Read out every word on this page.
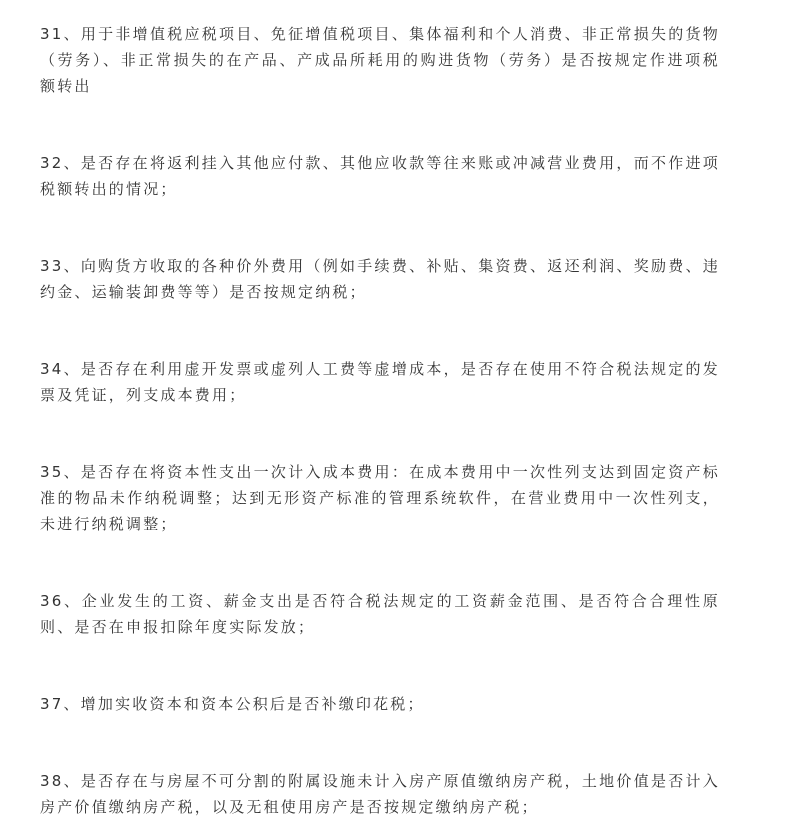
31、用于非增值税应税项目、免征增值税项目、集体福利和个人消费、非正常损失的货物（劳务）、非正常损失的在产品、产成品所耗用的购进货物（劳务）是否按规定作进项税额转出

32、是否存在将返利挂入其他应付款、其他应收款等往来账或冲减营业费用，而不作进项税额转出的情况；

33、向购货方收取的各种价外费用（例如手续费、补贴、集资费、返还利润、奖励费、违约金、运输装卸费等等）是否按规定纳税；

34、是否存在利用虚开发票或虚列人工费等虚增成本，是否存在使用不符合税法规定的发票及凭证，列支成本费用；

35、是否存在将资本性支出一次计入成本费用：在成本费用中一次性列支达到固定资产标准的物品未作纳税调整；达到无形资产标准的管理系统软件，在营业费用中一次性列支，未进行纳税调整；

36、企业发生的工资、薪金支出是否符合税法规定的工资薪金范围、是否符合合理性原则、是否在申报扣除年度实际发放；

37、增加实收资本和资本公积后是否补缴印花税；

38、是否存在与房屋不可分割的附属设施未计入房产原值缴纳房产税，土地价值是否计入房产价值缴纳房产税，以及无租使用房产是否按规定缴纳房产税；
